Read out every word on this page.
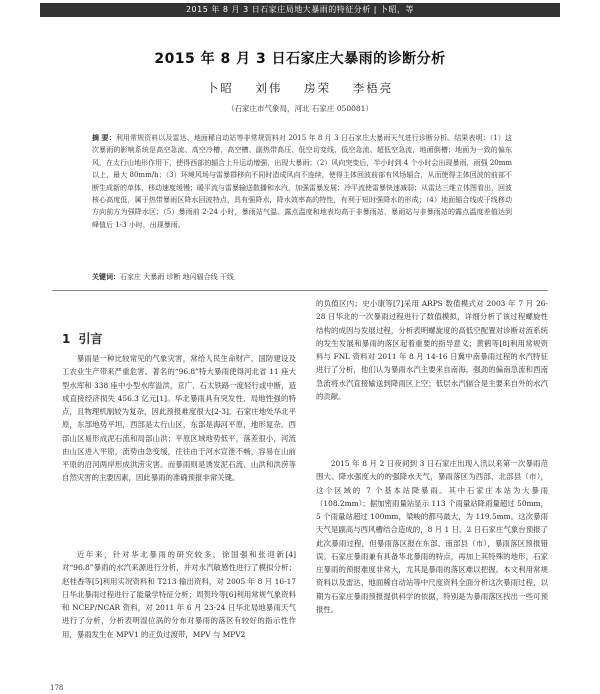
2015 年 8 月 3 日石家庄局地大暴雨的特征分析 | 卜昭，等
2015 年 8 月 3 日石家庄大暴雨的诊断分析
卜昭 刘伟 房荣 李梧亮
（石家庄市气象局，河北 石家庄 050081）
摘 要：利用常规资料以及雷达、地面稀自动站等非常规资料对 2015 年 8 月 3 日石家庄大暴雨天气进行诊断分析。结果表明：（1）这次暴雨的影响系统是高空急流、高空冷槽、高空槽、副热带高压、低空切变线、低空急流、超低空急流，地面倒槽；地面为一致的偏东风，在太行山地形作用下，使得西部的辐合上升运动增强，出现大暴雨；（2）风向突变后，半小时到 4 个小时会出现暴雨，雨强 20mm 以上，最大 80mm/h；（3）环境风场与雷暴群移向不同时造成风向不连续，使得主体回波前部有风场辐合，从而使得主体回波的前部不断生成新的单体，移动速度缓慢；暖平流与雷暴输送散播和水汽，加强雷暴发展；冷平流使雷暴快速减弱；从雷达三维立体图看出，回波核心高度低，属于热带暴雨区降水回波特点，具有强降水，降水效率高的特性，有利于短时强降水的形成；（4）地面辐合线或干线移动方向前方为强降水区；（5）暴雨前 2-24 小时，暴雨站气温、露点温度和地表均高于非暴雨站，暴雨站与非暴雨站的露点温度差值达到峰值后 1-3 小时，出现暴雨。
关键词：石家庄 大暴雨 诊断 地闪辐合线 干线
1 引言

暴雨是一种比较常见的气象灾害，常给人民生命财产、国防建设及工农业生产带来严重危害。著名的“96.8”特大暴雨使得河北省 11 座大型水库和 338 座中小型水库溢洪，京广、石太铁路一度轻行或中断，造成直接经济损失 456.3 亿元[1]。华北暴雨具有突发性、局地性强的特点，且物理机制较为复杂，因此预报难度很大[2-3]。石家庄地处华北平原，东部地势平坦，西部是太行山区，东部是海河平原，地形复杂。西部山区易形成泥石流和局部山洪；平原区域地势低平，落差很小，河流由山区进入平原，流势由急变缓，往往由于河水宣泄不畅，容易在山前平原的沿河两岸形成洪涝灾害。而暴雨则是诱发泥石流、山洪和洪涝等自然灾害的主要因素，因此暴雨的准确预报非常关键。

近年来，针对华北暴雨的研究较多，徐国强和张迎新[4]对“96.8”暴雨的水汽来源进行分析，并对水汽敏感性进行了模拟分析；赵桂香等[5]利用实况资料和 T213 输出资料，对 2005 年 8 月 16-17 日华北暴雨过程进行了能量学特征分析；周贺玲等[6]利用常规气象资料和 NCEP/NCAR 资料，对 2011 年 6 月 23-24 日华北局地暴雨天气进行了分析，分析表明湿位涡的分布对暴雨的落区有较好的指示性作用，暴雨发生在 MPV1 的正负过渡带，MPV 与 MPV2

的负值区内；史小康等[7]采用 ARPS 数值模式对 2003 年 7 月 26-28 日华北的一次暴雨过程进行了数值模拟，详细分析了该过程螺旋性结构的成因与发展过程，分析表明螺旋度的高低空配置对诊断对流系统的发生发展和暴雨的落区起着重要的指导意义；黄鹤等[8]利用常规资料与 FNL 资料对 2011 年 8 月 14-16 日冀中南暴雨过程的水汽特征进行了分析，他们认为暴雨水汽主要来自南海，强劲的偏南急流和西南急流将水汽直接输送到降雨区上空；低层水汽辐合是主要来自外的水汽的贡献。

2015 年 8 月 2 日夜间到 3 日石家庄出现入汛以来第一次暴雨范围大、降水强度大的的强降水天气，暴雨落区为西部、北部县（市），这个区域的 7 个基本站降暴雨。其中石家庄本站为大暴雨（108.2mm）；据加密雨量站显示 113 个雨量站降雨量超过 50mm，5 个雨量站超过 100mm，梁峻的都马最大，为 119.5mm。这次暴雨天气是副高与西风槽结合造成的，8 月 1 日、2 日石家庄气象台预报了此次暴雨过程，但暴雨落区报在东部、南部县（市），暴雨落区预报错误。石家庄暴雨兼有具备华北暴雨的特点，再加上其特殊的地形，石家庄暴雨的预报难度非常大，尤其是暴雨的落区难以把握。本文利用常规资料以及雷达、地面稀自动站等中尺度资料全面分析这次暴雨过程，以期为石家庄暴雨预报提供科学的依据，特别是为暴雨落区找出一些可预报性。

178
